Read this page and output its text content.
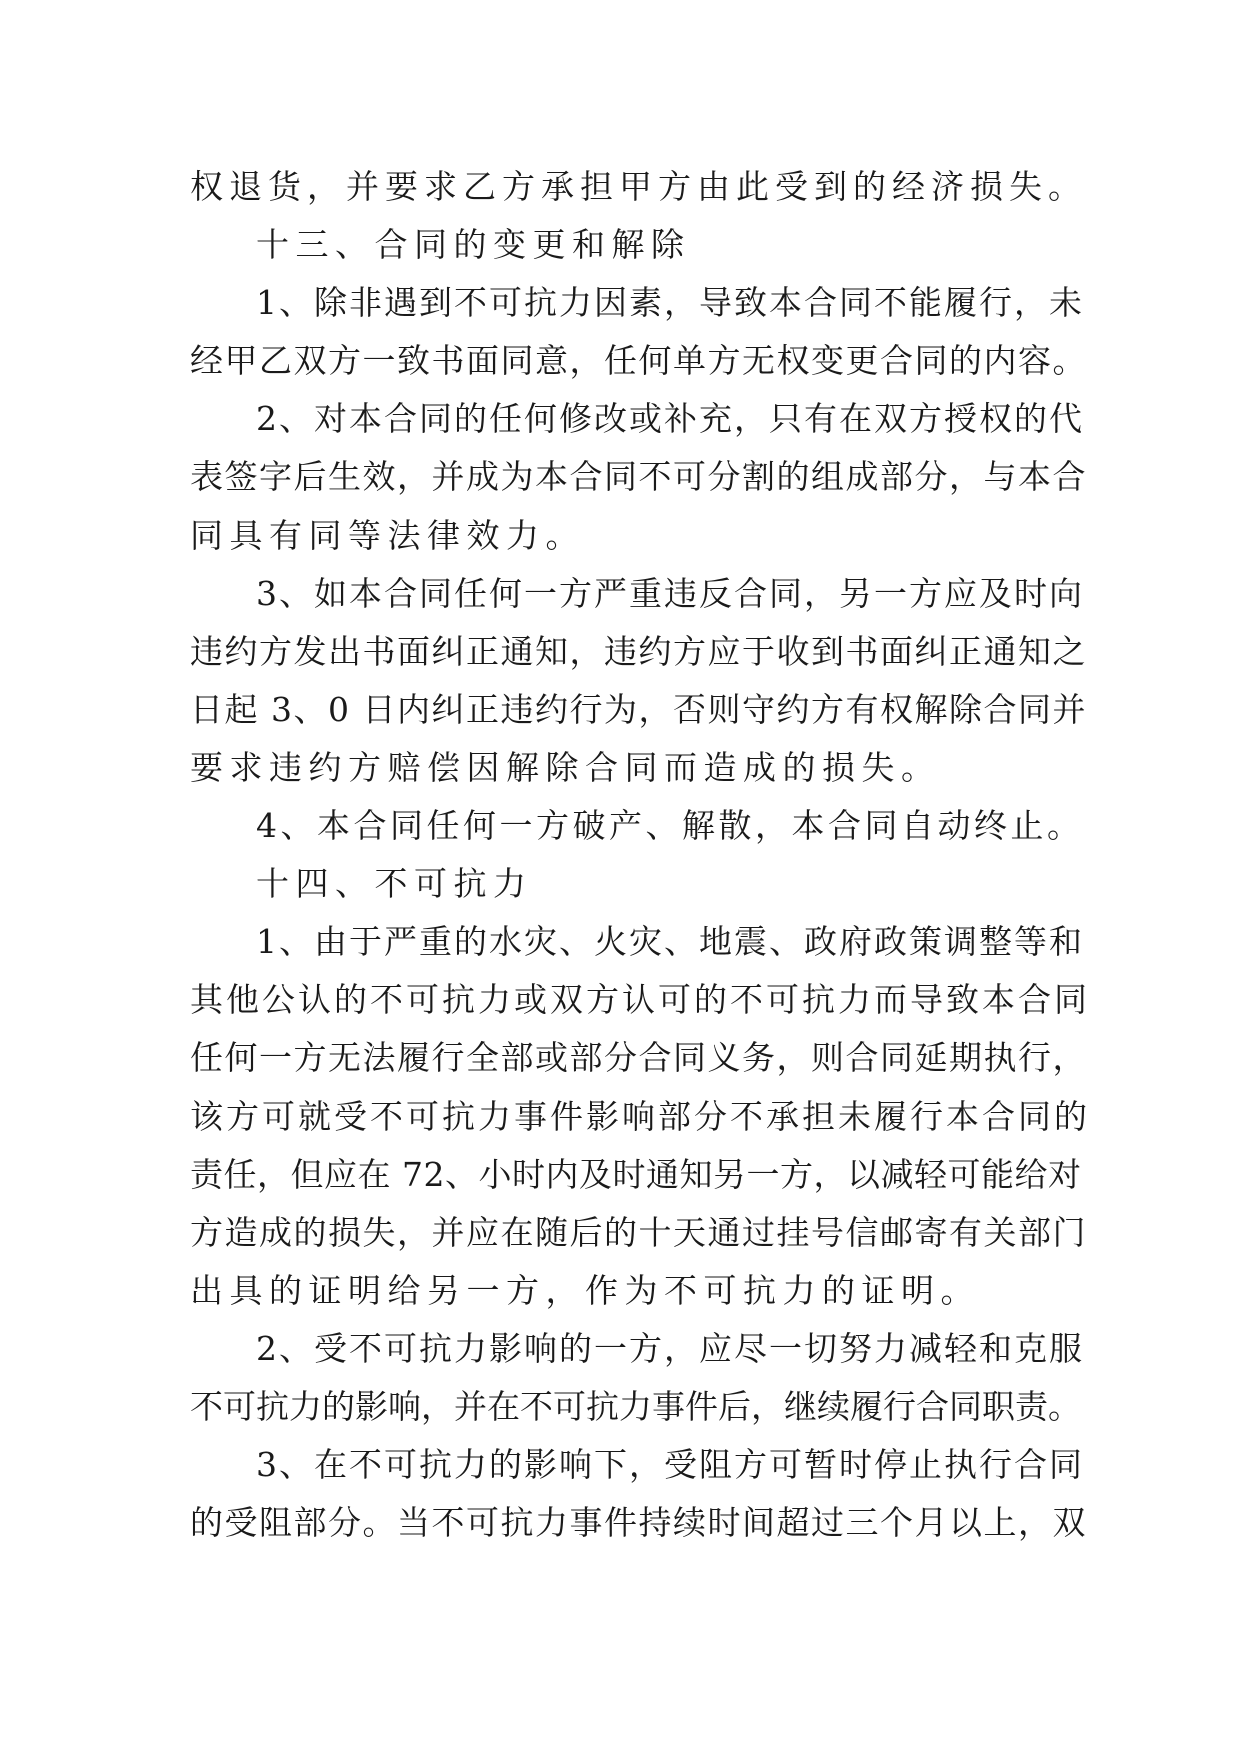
权退货，并要求乙方承担甲方由此受到的经济损失。
十三、合同的变更和解除
1、除非遇到不可抗力因素，导致本合同不能履行，未
经甲乙双方一致书面同意，任何单方无权变更合同的内容。
2、对本合同的任何修改或补充，只有在双方授权的代
表签字后生效，并成为本合同不可分割的组成部分，与本合
同具有同等法律效力。
3、如本合同任何一方严重违反合同，另一方应及时向
违约方发出书面纠正通知，违约方应于收到书面纠正通知之
日起 3、0 日内纠正违约行为，否则守约方有权解除合同并
要求违约方赔偿因解除合同而造成的损失。
4、本合同任何一方破产、解散，本合同自动终止。
十四、不可抗力
1、由于严重的水灾、火灾、地震、政府政策调整等和
其他公认的不可抗力或双方认可的不可抗力而导致本合同
任何一方无法履行全部或部分合同义务，则合同延期执行，
该方可就受不可抗力事件影响部分不承担未履行本合同的
责任，但应在 72、小时内及时通知另一方，以减轻可能给对
方造成的损失，并应在随后的十天通过挂号信邮寄有关部门
出具的证明给另一方，作为不可抗力的证明。
2、受不可抗力影响的一方，应尽一切努力减轻和克服
不可抗力的影响，并在不可抗力事件后，继续履行合同职责。
3、在不可抗力的影响下，受阻方可暂时停止执行合同
的受阻部分。当不可抗力事件持续时间超过三个月以上，双
